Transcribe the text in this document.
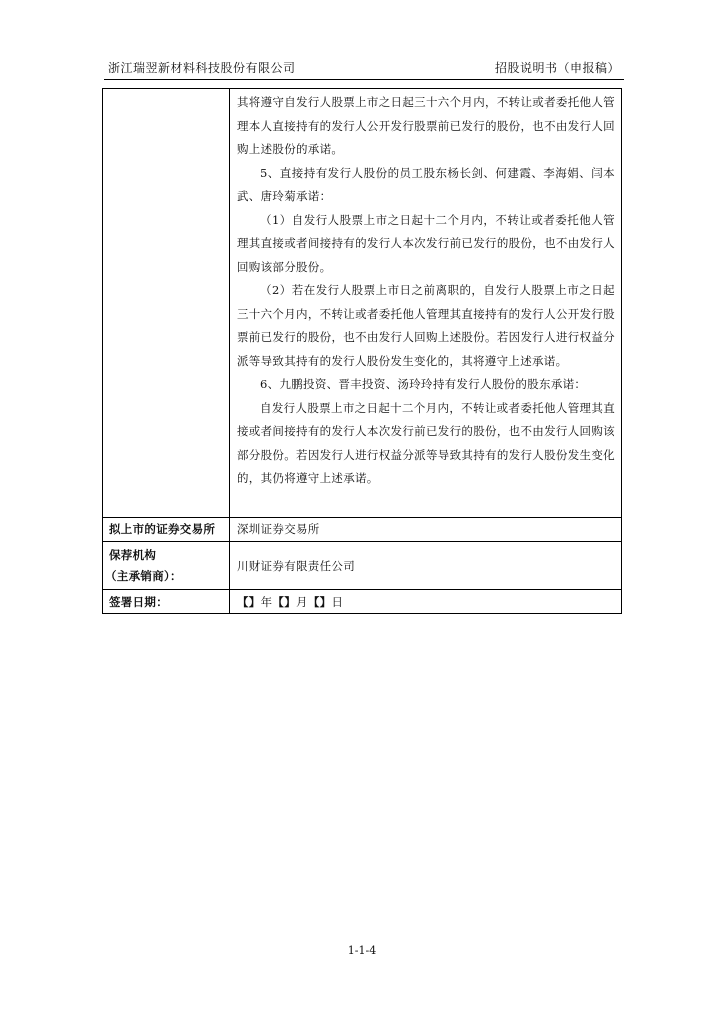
浙江瑞翌新材料科技股份有限公司	招股说明书（申报稿）

其将遵守自发行人股票上市之日起三十六个月内，不转让或者委托他人管理本人直接持有的发行人公开发行股票前已发行的股份，也不由发行人回购上述股份的承诺。

5、直接持有发行人股份的员工股东杨长剑、何建霞、李海娟、闫本武、唐玲菊承诺：

（1）自发行人股票上市之日起十二个月内，不转让或者委托他人管理其直接或者间接持有的发行人本次发行前已发行的股份，也不由发行人回购该部分股份。

（2）若在发行人股票上市日之前离职的，自发行人股票上市之日起三十六个月内，不转让或者委托他人管理其直接持有的发行人公开发行股票前已发行的股份，也不由发行人回购上述股份。若因发行人进行权益分派等导致其持有的发行人股份发生变化的，其将遵守上述承诺。

6、九鹏投资、晋丰投资、汤玲玲持有发行人股份的股东承诺：

自发行人股票上市之日起十二个月内，不转让或者委托他人管理其直接或者间接持有的发行人本次发行前已发行的股份，也不由发行人回购该部分股份。若因发行人进行权益分派等导致其持有的发行人股份发生变化的，其仍将遵守上述承诺。

拟上市的证券交易所 深圳证券交易所
保荐机构
（主承销商）：
川财证券有限责任公司
签署日期：	【】年【】月【】日
1-1-4
